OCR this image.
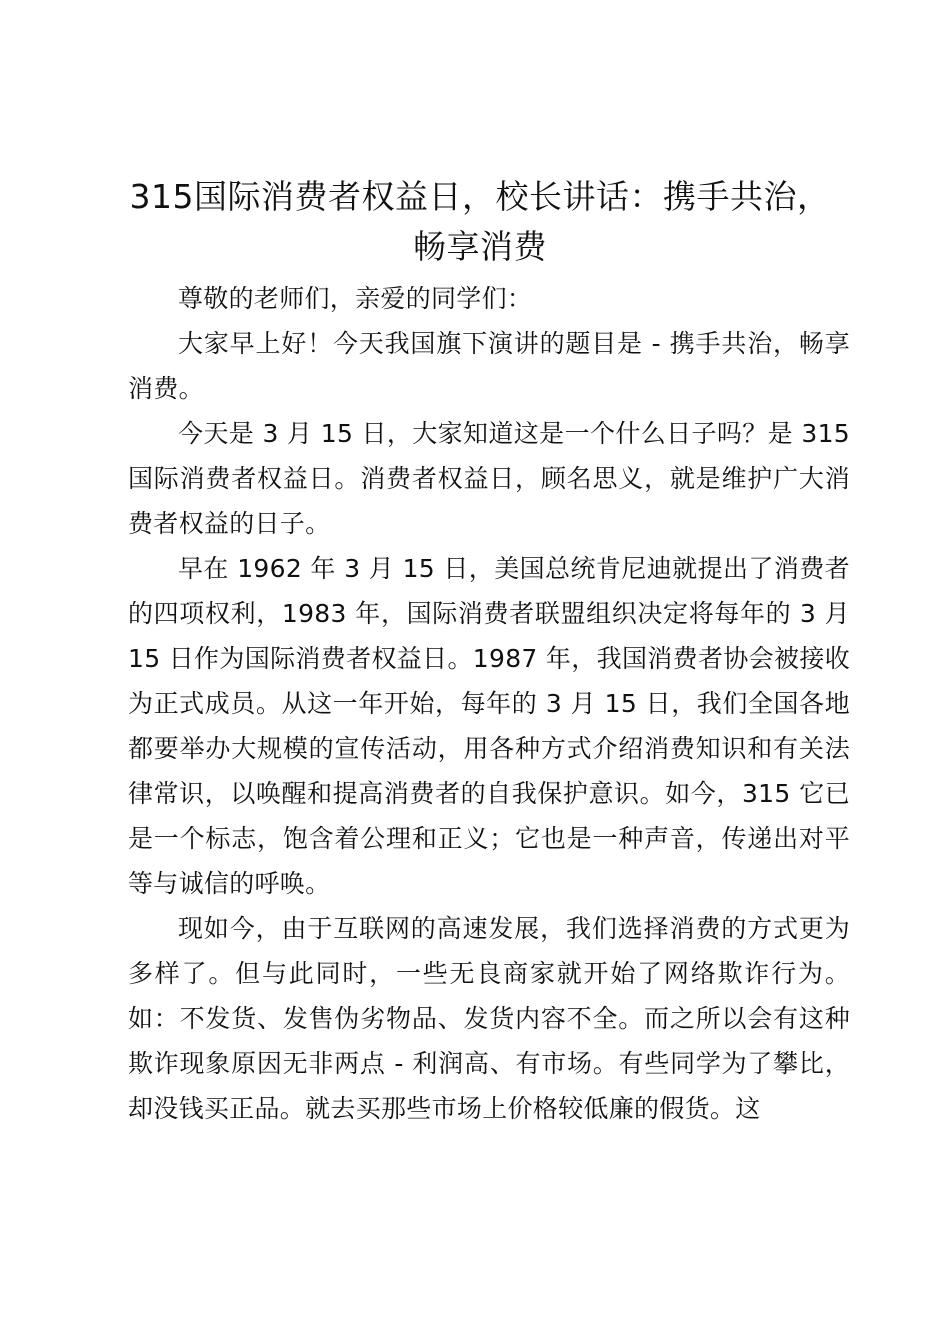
315国际消费者权益日，校长讲话：携手共治，畅享消费

尊敬的老师们，亲爱的同学们：

大家早上好！今天我国旗下演讲的题目是 - 携手共治，畅享消费。

今天是 3 月 15 日，大家知道这是一个什么日子吗？是 315 国际消费者权益日。消费者权益日，顾名思义，就是维护广大消费者权益的日子。

早在 1962 年 3 月 15 日，美国总统肯尼迪就提出了消费者的四项权利，1983 年，国际消费者联盟组织决定将每年的 3 月 15 日作为国际消费者权益日。1987 年，我国消费者协会被接收为正式成员。从这一年开始，每年的 3 月 15 日，我们全国各地都要举办大规模的宣传活动，用各种方式介绍消费知识和有关法律常识，以唤醒和提高消费者的自我保护意识。如今，315 它已是一个标志，饱含着公理和正义；它也是一种声音，传递出对平等与诚信的呼唤。

现如今，由于互联网的高速发展，我们选择消费的方式更为多样了。但与此同时，一些无良商家就开始了网络欺诈行为。如：不发货、发售伪劣物品、发货内容不全。而之所以会有这种欺诈现象原因无非两点 - 利润高、有市场。有些同学为了攀比，却没钱买正品。就去买那些市场上价格较低廉的假货。这
